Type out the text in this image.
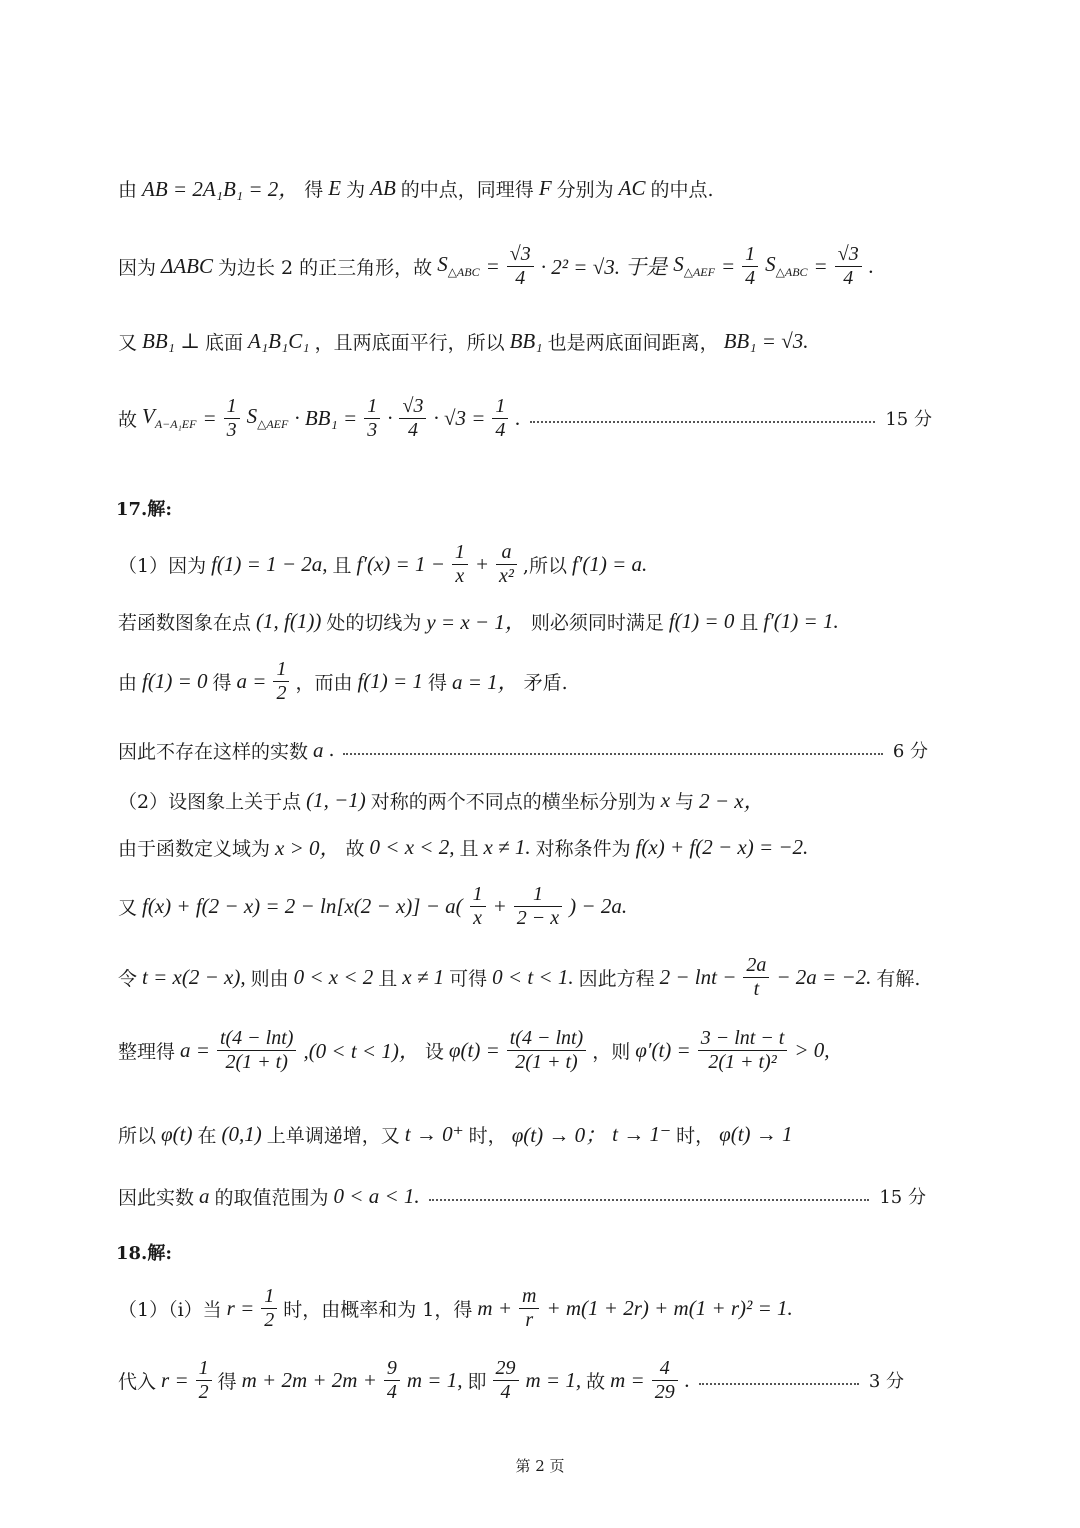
由 AB = 2A₁B₁ = 2， 得 E 为 AB 的中点，同理得 F 分别为 AC 的中点.
因为 ΔABC 为边长 2 的正三角形，故 $S_{\triangle ABC} = \frac{√3}{4} \cdot 2^2 = √3$. 于是 $S_{\triangle AEF} = \frac{1}{4} S_{\triangle ABC} = \frac{√3}{4}$ .
又 BB₁ ⊥ 底面 A₁B₁C₁ ，且两底面平行，所以 BB₁ 也是两底面间距离， BB₁ = √3.
故 $V_{A-A_1EF} = \frac{1}{3} S_{\triangle AEF} \cdot BB_1 = \frac{1}{3} \cdot \frac{√3}{4} \cdot √3 = \frac{1}{4}$ .	15 分
17.解:
（1）因为 f(1) = 1 − 2a, 且 $f'(x) = 1 - \frac{1}{x} + \frac{a}{\text{x²}}$ ,所以 f′(1) = a.
若函数图象在点 (1, f(1)) 处的切线为 y = x − 1， 则必须同时满足 f(1) = 0 且 f′(1) = 1.
由 f(1) = 0 得 $a = \frac{1}{2}$ ，而由 f(1) = 1 得 a = 1， 矛盾.
因此不存在这样的实数 a .	6 分
（2）设图象上关于点 (1, −1) 对称的两个不同点的横坐标分别为 x 与 2 − x，
由于函数定义域为 x > 0， 故 0 < x < 2, 且 x ≠ 1. 对称条件为 f(x) + f(2 − x) = −2.
又 $f(x) + f(2 - x) = 2 - \ln[x(2 - x)] - a( \frac{1}{x} + \frac{1}{2 - x}$ ) − 2a.
令 t = x(2 − x), 则由 0 < x < 2 且 x ≠ 1 可得 0 < t < 1. 因此方程 $2 - \ln t - \frac{2a}{t} - 2a = -2$. 有解.
整理得 $a = \frac{t(4 - \ln t)}{2(1 + t)} ,(0 < t < 1)$， 设 $\varphi(t) = \frac{t(4 - \ln t)}{2(1 + t)}$ ，则 $\varphi'(t) = \frac{3 - \ln t - t}{\text{2(1 + t)²}} > 0$,
所以 φ(t) 在 (0,1) 上单调递增，又 t → 0⁺ 时， φ(t) → 0； t → 1⁻ 时， φ(t) → 1
因此实数 a 的取值范围为 0 < a < 1.	15 分
18.解:
（1）（ⅰ）当 $r = \frac{1}{2}$ 时，由概率和为 1，得 $m + \frac{m}{r} + m(1 + 2r) + m(1 + r)^2 = 1$.
代入 $r = \frac{1}{2}$ 得 $m + 2m + 2m + \frac{9}{4}$ m = 1, 即 $\frac{29}{4}$ m = 1, 故 $m = \frac{4}{29}$ .	3 分
第 2 页
